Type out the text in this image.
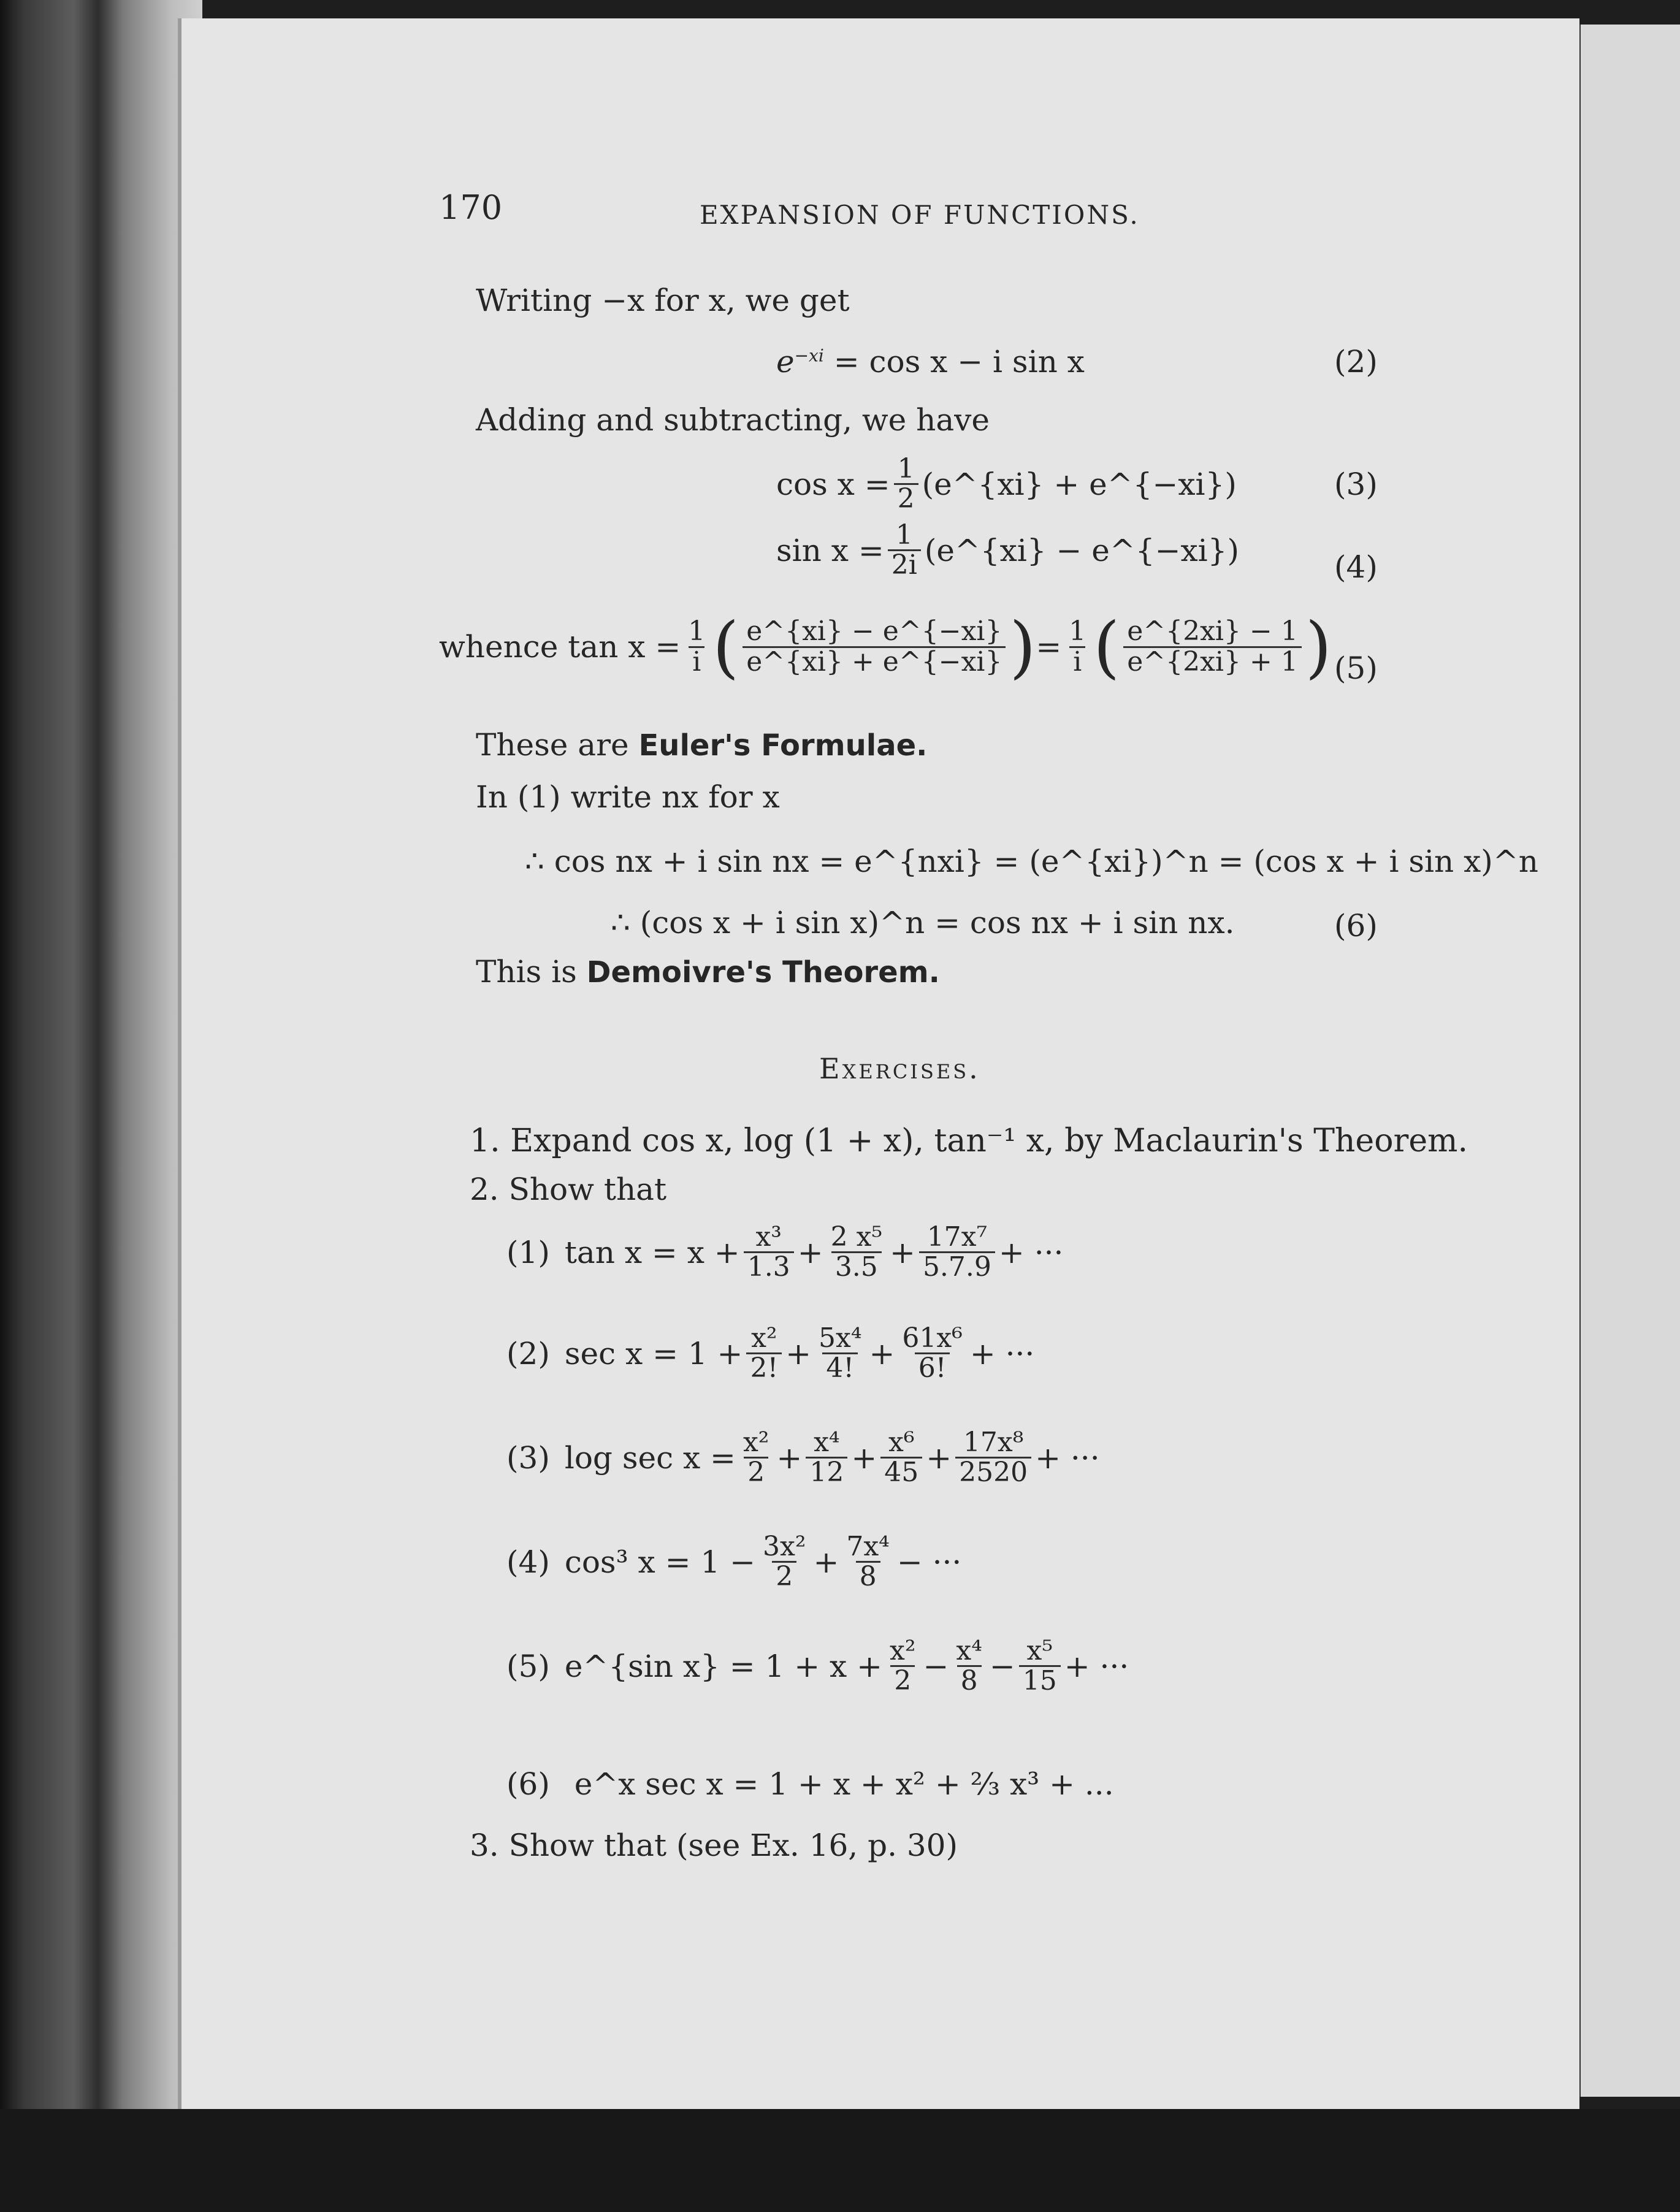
170	EXPANSION OF FUNCTIONS.
Writing −x for x, we get
$e^{-xi} = \cos x - i$ sin x	(2)
Adding and subtracting, we have
$\cos x = \frac{1}{2}$ (e^{xi} + e^{−xi})	(3)
$\sin x = \frac{1}{2i}$ (e^{xi} − e^{−xi})	(4)
whence $\tan x = \frac{1}{i}$ ( $\frac{e\^{}\{xi\} - e\^{}\{-xi\}}{e\^{}\{xi\} + e\^{}\{-xi\}}$ ) = $\frac{1}{i}$ ( $\frac{e\^{}\{2xi\} - 1}{e\^{}\{2xi\} + 1}$ ) (5)
These are Euler's Formulae.
In (1) write nx for x
∴ cos nx + i sin nx = e^{nxi} = (e^{xi})^n = (cos x + i sin x)^n
∴ (cos x + i sin x)^n = cos nx + i sin nx.	(6)
This is Demoivre's Theorem.
Exercises.
1. Expand cos x, log (1 + x), tan⁻¹ x, by Maclaurin's Theorem.
2. Show that
(1) $\tan x = x + \frac{\text{x³}}{1.3} + \frac{\text{2 x⁵}}{3.5} + \frac{\text{17x⁷}}{5.7.9}$ + ···
(2) $\sec x = 1 + \frac{\text{x²}}{2!} + \frac{\text{5x⁴}}{4!} + \frac{\text{61x⁶}}{6!}$ + ···
(3) $\log \sec x = \frac{\text{x²}}{2} + \frac{\text{x⁴}}{12} + \frac{\text{x⁶}}{45} + \frac{\text{17x⁸}}{2520}$ + ···
(4) cos³ $x = 1 - \frac{\text{3x²}}{2} + \frac{\text{7x⁴}}{8}$ − ···
(5) e^{sin $x\} = 1 + x + \frac{\text{x²}}{2} - \frac{\text{x⁴}}{8} - \frac{\text{x⁵}}{15}$ + ···
(6) e^x sec x = 1 + x + x² + ⅔ x³ + ...
3. Show that (see Ex. 16, p. 30)
